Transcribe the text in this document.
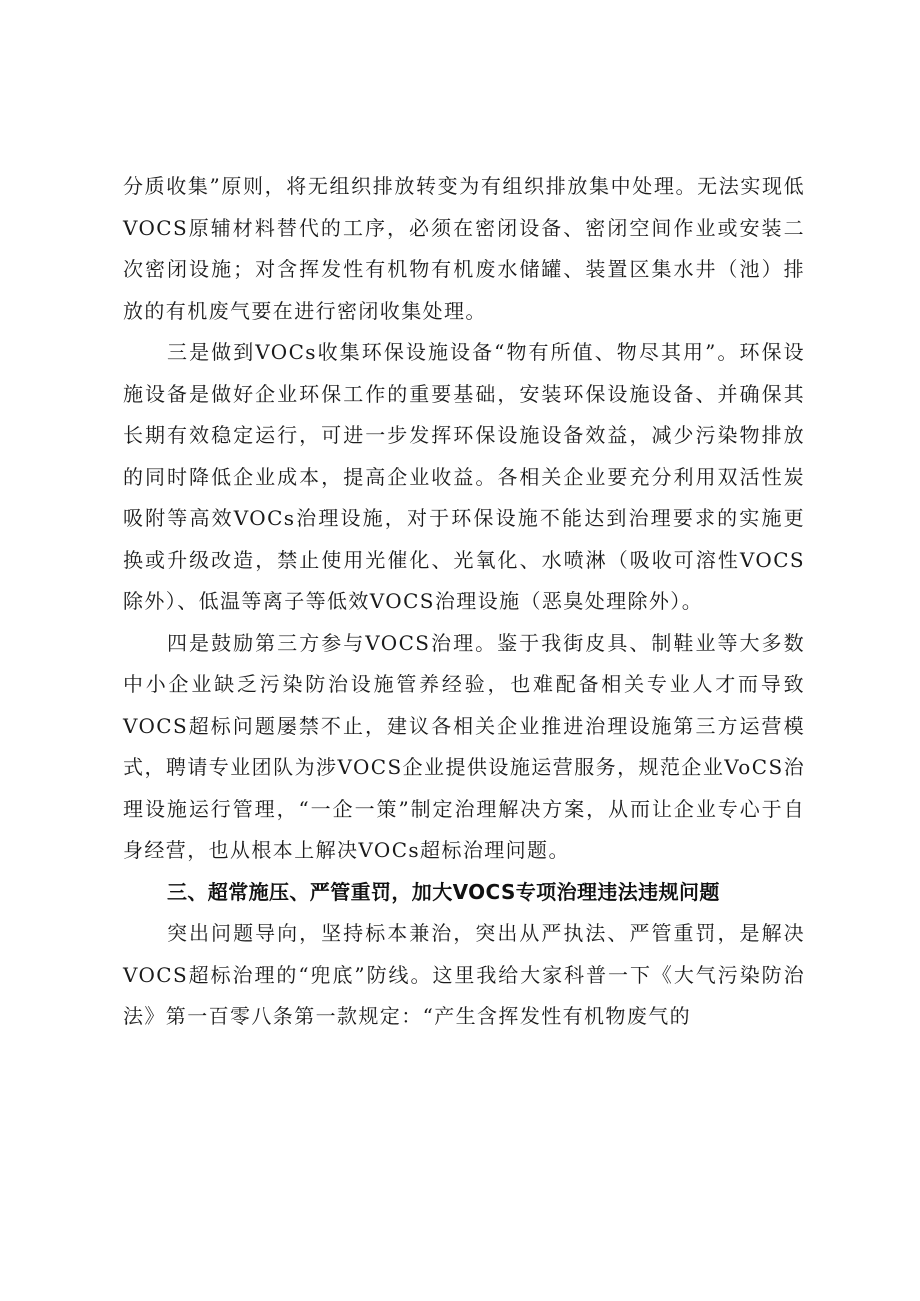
分质收集”原则，将无组织排放转变为有组织排放集中处理。无法实现低VOCS原辅材料替代的工序，必须在密闭设备、密闭空间作业或安装二次密闭设施；对含挥发性有机物有机废水储罐、装置区集水井（池）排放的有机废气要在进行密闭收集处理。

三是做到VOCs收集环保设施设备“物有所值、物尽其用”。环保设施设备是做好企业环保工作的重要基础，安装环保设施设备、并确保其长期有效稳定运行，可进一步发挥环保设施设备效益，减少污染物排放的同时降低企业成本，提高企业收益。各相关企业要充分利用双活性炭吸附等高效VOCs治理设施，对于环保设施不能达到治理要求的实施更换或升级改造，禁止使用光催化、光氧化、水喷淋（吸收可溶性VOCS除外）、低温等离子等低效VOCS治理设施（恶臭处理除外）。

四是鼓励第三方参与VOCS治理。鉴于我街皮具、制鞋业等大多数中小企业缺乏污染防治设施管养经验，也难配备相关专业人才而导致VOCS超标问题屡禁不止，建议各相关企业推进治理设施第三方运营模式，聘请专业团队为涉VOCS企业提供设施运营服务，规范企业VoCS治理设施运行管理，“一企一策”制定治理解决方案，从而让企业专心于自身经营，也从根本上解决VOCs超标治理问题。

三、超常施压、严管重罚，加大VOCS专项治理违法违规问题

突出问题导向，坚持标本兼治，突出从严执法、严管重罚，是解决VOCS超标治理的“兜底”防线。这里我给大家科普一下《大气污染防治法》第一百零八条第一款规定：“产生含挥发性有机物废气的
